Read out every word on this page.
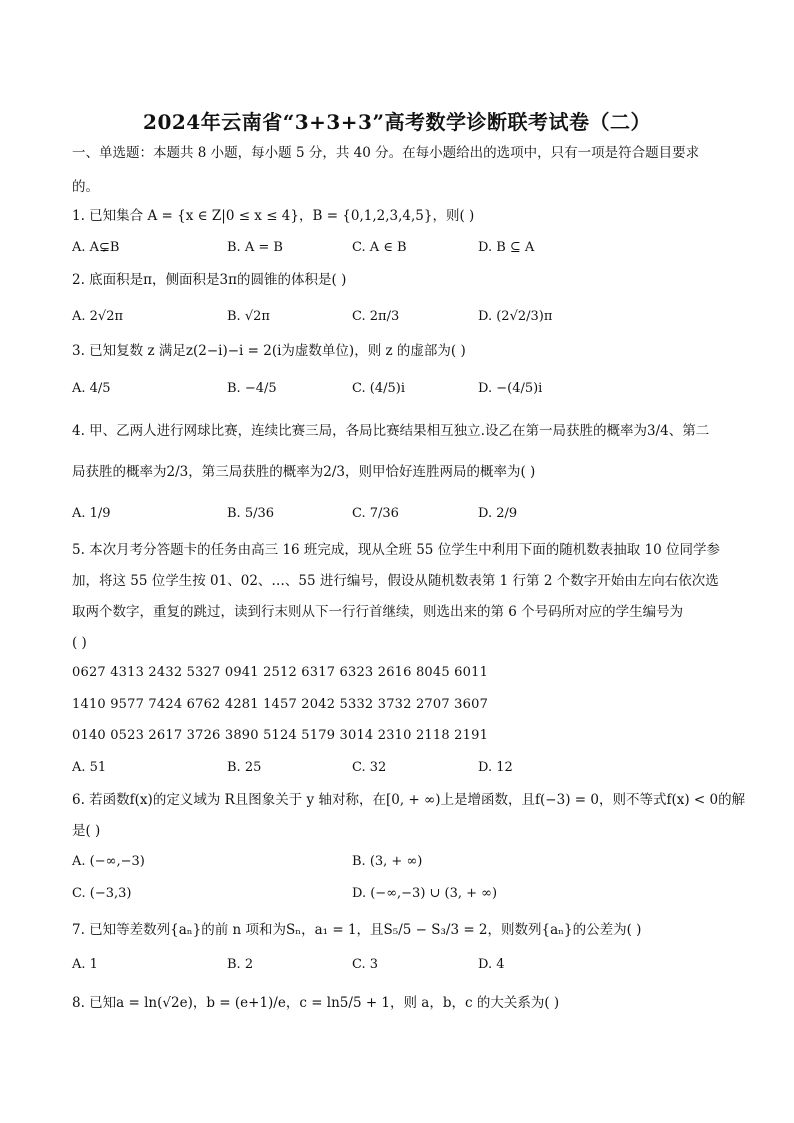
2024年云南省“3+3+3”高考数学诊断联考试卷（二）
一、单选题：本题共 8 小题，每小题 5 分，共 40 分。在每小题给出的选项中，只有一项是符合题目要求
的。
1. 已知集合 A = {x ∈ Z|0 ≤ x ≤ 4}，B = {0,1,2,3,4,5}，则( )
A. A⊊B	B. A = B	C. A ∈ B	D. B ⊆ A
2. 底面积是π，侧面积是3π的圆锥的体积是( )
A. 2√2π	B. √2π	C. 2π/3	D. (2√2/3)π
3. 已知复数 z 满足z(2−i)−i = 2(i为虚数单位)，则 z 的虚部为( )
A. 4/5	B. −4/5	C. (4/5)i	D. −(4/5)i
4. 甲、乙两人进行网球比赛，连续比赛三局，各局比赛结果相互独立.设乙在第一局获胜的概率为3/4、第二
局获胜的概率为2/3，第三局获胜的概率为2/3，则甲恰好连胜两局的概率为( )
A. 1/9	B. 5/36	C. 7/36	D. 2/9
5. 本次月考分答题卡的任务由高三 16 班完成，现从全班 55 位学生中利用下面的随机数表抽取 10 位同学参
加，将这 55 位学生按 01、02、…、55 进行编号，假设从随机数表第 1 行第 2 个数字开始由左向右依次选
取两个数字，重复的跳过，读到行末则从下一行行首继续，则选出来的第 6 个号码所对应的学生编号为
( )
0627 4313 2432 5327 0941 2512 6317 6323 2616 8045 6011
1410 9577 7424 6762 4281 1457 2042 5332 3732 2707 3607
0140 0523 2617 3726 3890 5124 5179 3014 2310 2118 2191
A. 51	B. 25	C. 32	D. 12
6. 若函数f(x)的定义域为 R且图象关于 y 轴对称，在[0, + ∞)上是增函数，且f(−3) = 0，则不等式f(x) < 0的解
是( )
A. (−∞,−3)	B. (3, + ∞)
C. (−3,3)	D. (−∞,−3) ∪ (3, + ∞)
7. 已知等差数列{aₙ}的前 n 项和为Sₙ，a₁ = 1，且S₅/5 − S₃/3 = 2，则数列{aₙ}的公差为( )
A. 1	B. 2	C. 3	D. 4
8. 已知a = ln(√2e)，b = (e+1)/e，c = ln5/5 + 1，则 a，b，c 的大关系为( )
